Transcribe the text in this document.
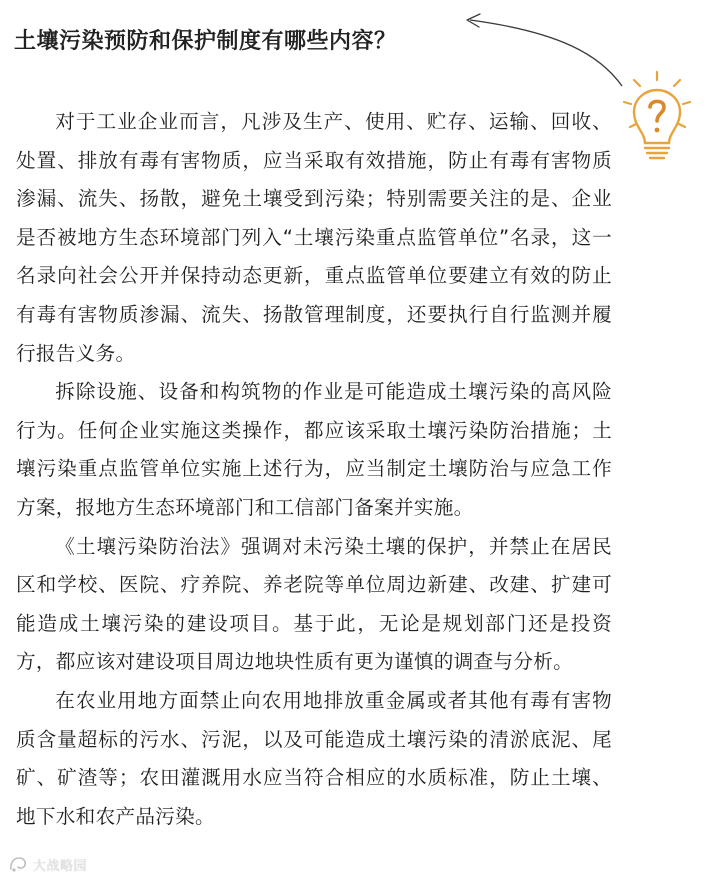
土壤污染预防和保护制度有哪些内容？

对于工业企业而言，凡涉及生产、使用、贮存、运输、回收、处置、排放有毒有害物质，应当采取有效措施，防止有毒有害物质渗漏、流失、扬散，避免土壤受到污染；特别需要关注的是、企业是否被地方生态环境部门列入“土壤污染重点监管单位”名录，这一名录向社会公开并保持动态更新，重点监管单位要建立有效的防止有毒有害物质渗漏、流失、扬散管理制度，还要执行自行监测并履行报告义务。

拆除设施、设备和构筑物的作业是可能造成土壤污染的高风险行为。任何企业实施这类操作，都应该采取土壤污染防治措施；土壤污染重点监管单位实施上述行为，应当制定土壤防治与应急工作方案，报地方生态环境部门和工信部门备案并实施。

《土壤污染防治法》强调对未污染土壤的保护，并禁止在居民区和学校、医院、疗养院、养老院等单位周边新建、改建、扩建可能造成土壤污染的建设项目。基于此，无论是规划部门还是投资方，都应该对建设项目周边地块性质有更为谨慎的调查与分析。

在农业用地方面禁止向农用地排放重金属或者其他有毒有害物质含量超标的污水、污泥，以及可能造成土壤污染的清淤底泥、尾矿、矿渣等；农田灌溉用水应当符合相应的水质标准，防止土壤、地下水和农产品污染。

大战略园
